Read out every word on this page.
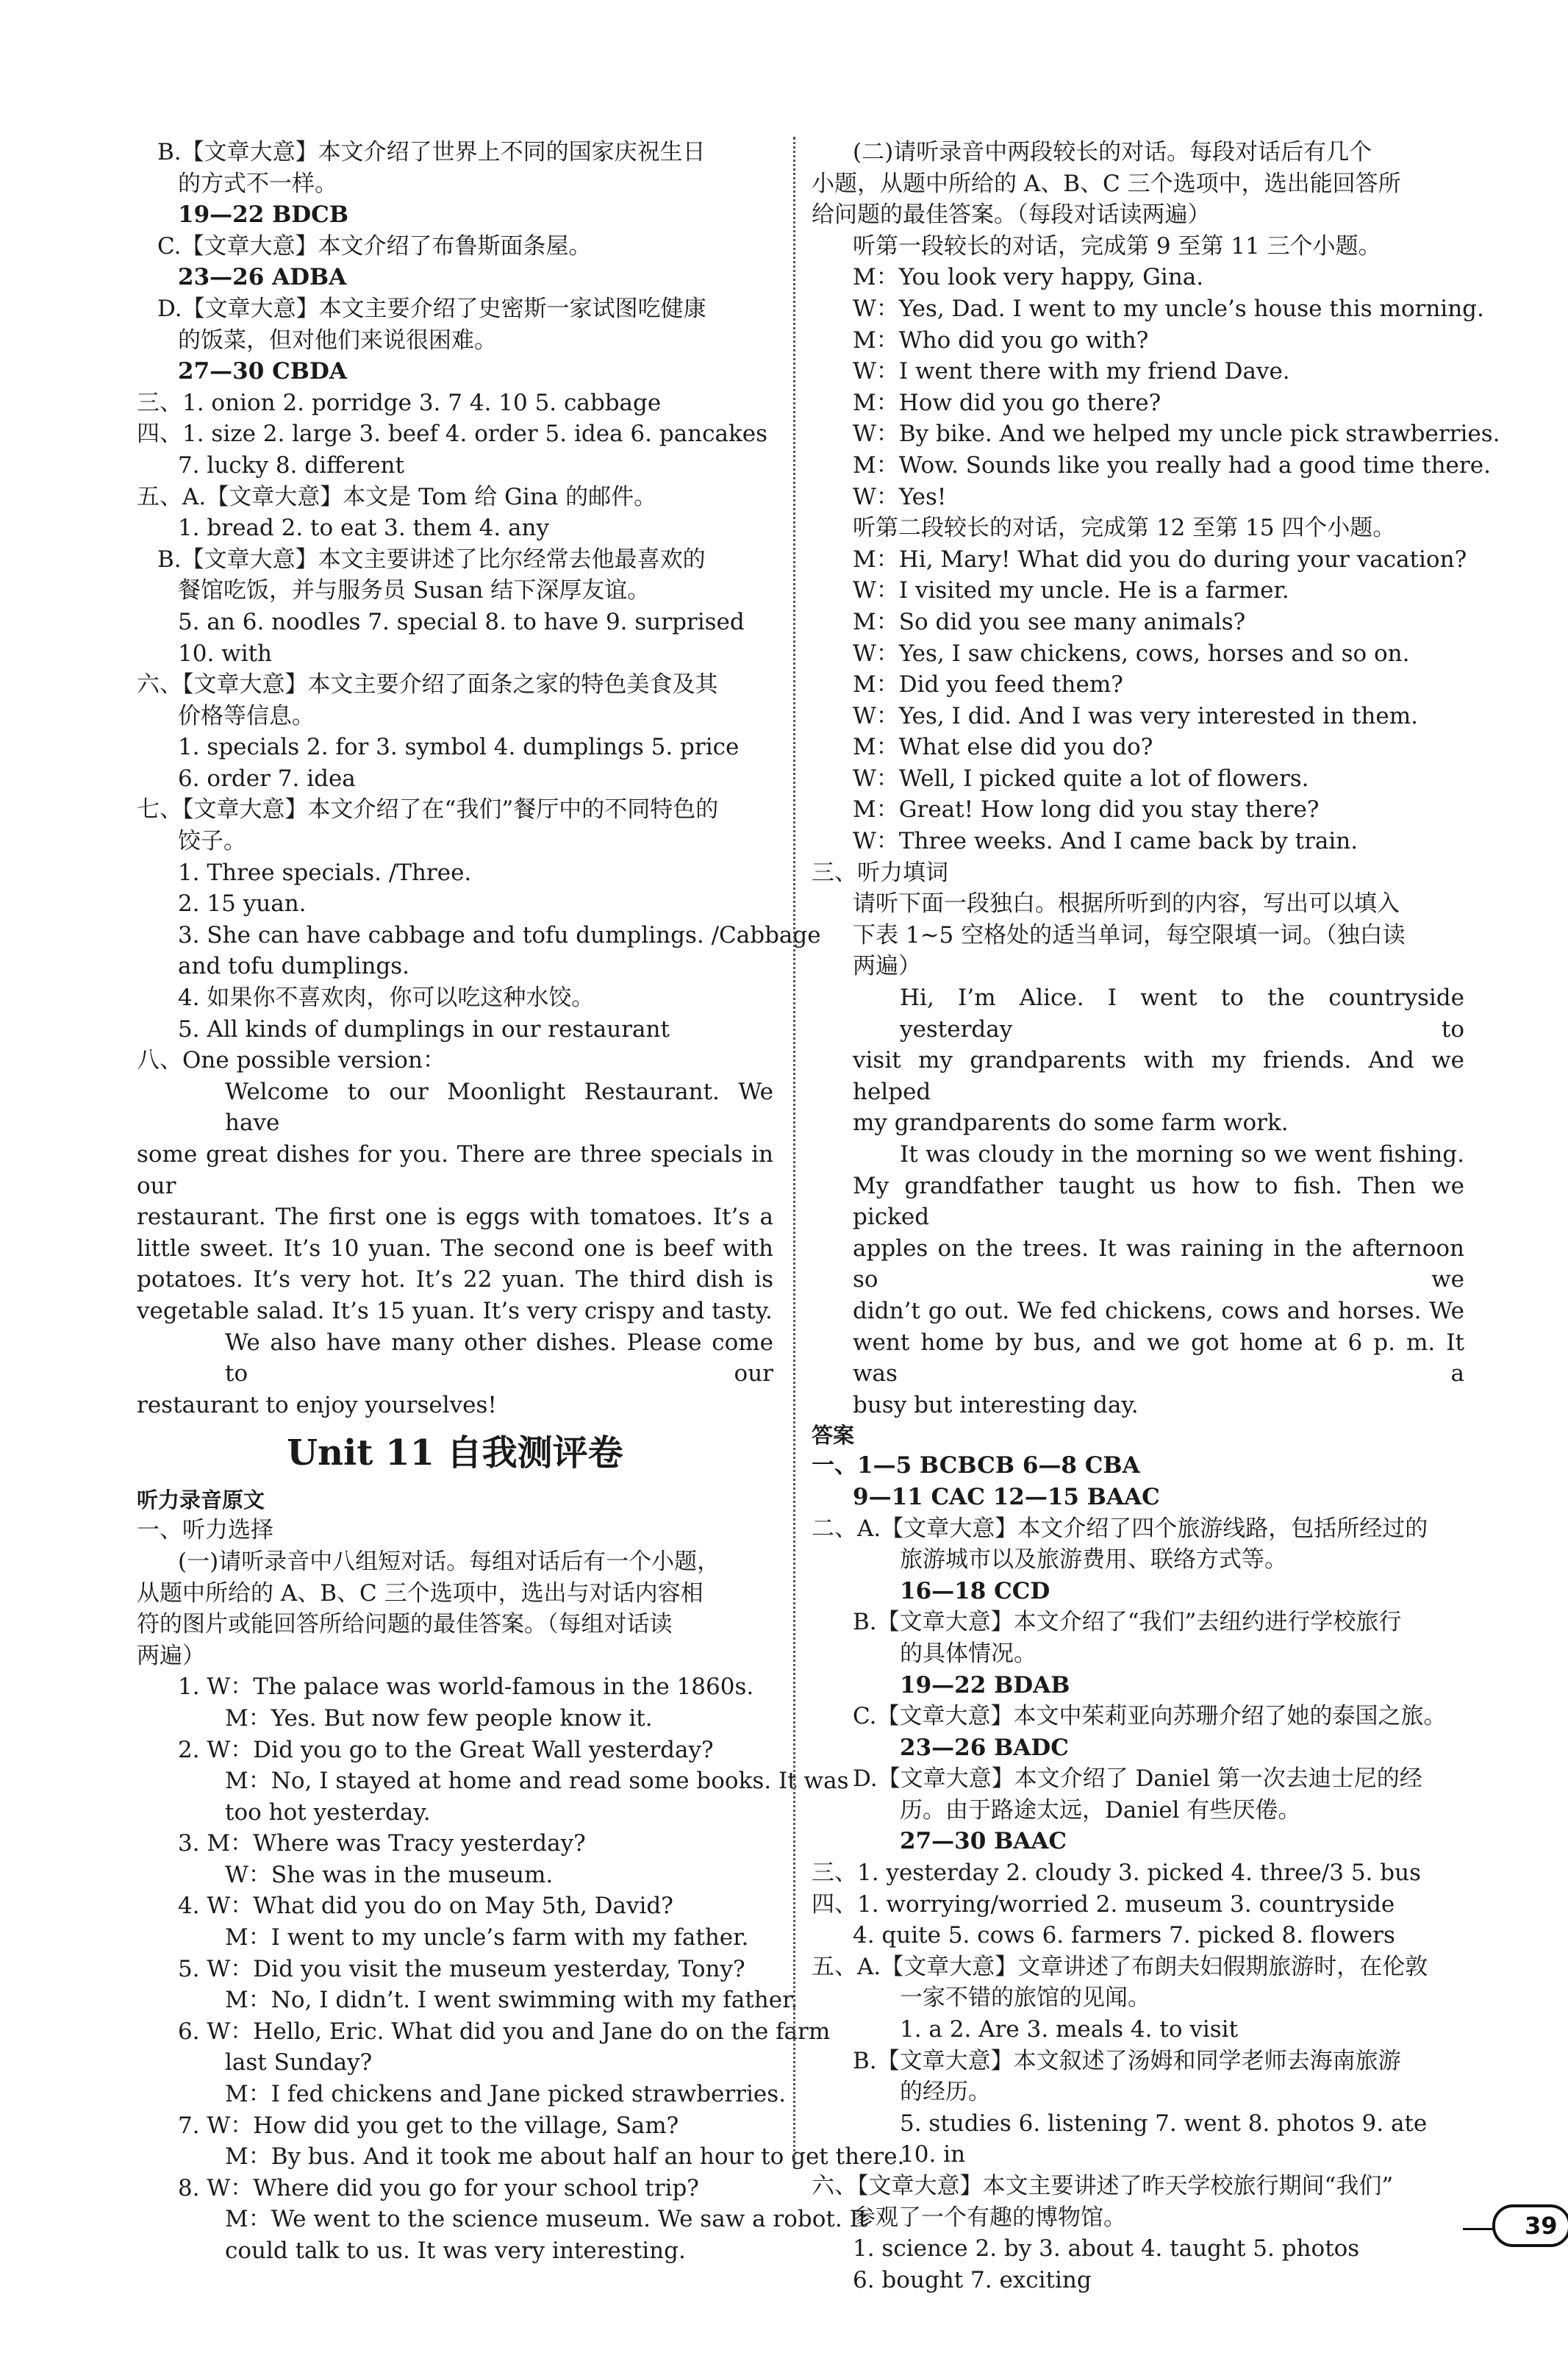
B.【文章大意】本文介绍了世界上不同的国家庆祝生日
的方式不一样。
19—22 BDCB
C.【文章大意】本文介绍了布鲁斯面条屋。
23—26 ADBA
D.【文章大意】本文主要介绍了史密斯一家试图吃健康
的饭菜，但对他们来说很困难。
27—30 CBDA
三、1. onion 2. porridge 3. 7 4. 10 5. cabbage
四、1. size 2. large 3. beef 4. order 5. idea 6. pancakes
7. lucky 8. different
五、A.【文章大意】本文是 Tom 给 Gina 的邮件。
1. bread 2. to eat 3. them 4. any
B.【文章大意】本文主要讲述了比尔经常去他最喜欢的
餐馆吃饭，并与服务员 Susan 结下深厚友谊。
5. an 6. noodles 7. special 8. to have 9. surprised
10. with
六、【文章大意】本文主要介绍了面条之家的特色美食及其
价格等信息。
1. specials 2. for 3. symbol 4. dumplings 5. price
6. order 7. idea
七、【文章大意】本文介绍了在“我们”餐厅中的不同特色的
饺子。
1. Three specials. /Three.
2. 15 yuan.
3. She can have cabbage and tofu dumplings. /Cabbage
and tofu dumplings.
4. 如果你不喜欢肉，你可以吃这种水饺。
5. All kinds of dumplings in our restaurant
八、One possible version：
Welcome to our Moonlight Restaurant. We have
some great dishes for you. There are three specials in our
restaurant. The first one is eggs with tomatoes. It’s a
little sweet. It’s 10 yuan. The second one is beef with
potatoes. It’s very hot. It’s 22 yuan. The third dish is
vegetable salad. It’s 15 yuan. It’s very crispy and tasty.
We also have many other dishes. Please come to our
restaurant to enjoy yourselves!
Unit 11 自我测评卷
听力录音原文
一、听力选择
(一)请听录音中八组短对话。每组对话后有一个小题，
从题中所给的 A、B、C 三个选项中，选出与对话内容相
符的图片或能回答所给问题的最佳答案。（每组对话读
两遍）
1. W：The palace was world-famous in the 1860s.
M：Yes. But now few people know it.
2. W：Did you go to the Great Wall yesterday?
M：No, I stayed at home and read some books. It was
too hot yesterday.
3. M：Where was Tracy yesterday?
W：She was in the museum.
4. W：What did you do on May 5th, David?
M：I went to my uncle’s farm with my father.
5. W：Did you visit the museum yesterday, Tony?
M：No, I didn’t. I went swimming with my father.
6. W：Hello, Eric. What did you and Jane do on the farm
last Sunday?
M：I fed chickens and Jane picked strawberries.
7. W：How did you get to the village, Sam?
M：By bus. And it took me about half an hour to get there.
8. W：Where did you go for your school trip?
M：We went to the science museum. We saw a robot. It
could talk to us. It was very interesting.
(二)请听录音中两段较长的对话。每段对话后有几个
小题，从题中所给的 A、B、C 三个选项中，选出能回答所
给问题的最佳答案。（每段对话读两遍）
听第一段较长的对话，完成第 9 至第 11 三个小题。
M：You look very happy, Gina.
W：Yes, Dad. I went to my uncle’s house this morning.
M：Who did you go with?
W：I went there with my friend Dave.
M：How did you go there?
W：By bike. And we helped my uncle pick strawberries.
M：Wow. Sounds like you really had a good time there.
W：Yes!
听第二段较长的对话，完成第 12 至第 15 四个小题。
M：Hi, Mary! What did you do during your vacation?
W：I visited my uncle. He is a farmer.
M：So did you see many animals?
W：Yes, I saw chickens, cows, horses and so on.
M：Did you feed them?
W：Yes, I did. And I was very interested in them.
M：What else did you do?
W：Well, I picked quite a lot of flowers.
M：Great! How long did you stay there?
W：Three weeks. And I came back by train.
三、听力填词
请听下面一段独白。根据所听到的内容，写出可以填入
下表 1~5 空格处的适当单词，每空限填一词。（独白读
两遍）
Hi, I’m Alice. I went to the countryside yesterday to
visit my grandparents with my friends. And we helped
my grandparents do some farm work.
It was cloudy in the morning so we went fishing.
My grandfather taught us how to fish. Then we picked
apples on the trees. It was raining in the afternoon so we
didn’t go out. We fed chickens, cows and horses. We
went home by bus, and we got home at 6 p. m. It was a
busy but interesting day.
答案
一、1—5 BCBCB 6—8 CBA
9—11 CAC 12—15 BAAC
二、A.【文章大意】本文介绍了四个旅游线路，包括所经过的
旅游城市以及旅游费用、联络方式等。
16—18 CCD
B.【文章大意】本文介绍了“我们”去纽约进行学校旅行
的具体情况。
19—22 BDAB
C.【文章大意】本文中茱莉亚向苏珊介绍了她的泰国之旅。
23—26 BADC
D.【文章大意】本文介绍了 Daniel 第一次去迪士尼的经
历。由于路途太远，Daniel 有些厌倦。
27—30 BAAC
三、1. yesterday 2. cloudy 3. picked 4. three/3 5. bus
四、1. worrying/worried 2. museum 3. countryside
4. quite 5. cows 6. farmers 7. picked 8. flowers
五、A.【文章大意】文章讲述了布朗夫妇假期旅游时，在伦敦
一家不错的旅馆的见闻。
1. a 2. Are 3. meals 4. to visit
B.【文章大意】本文叙述了汤姆和同学老师去海南旅游
的经历。
5. studies 6. listening 7. went 8. photos 9. ate
10. in
六、【文章大意】本文主要讲述了昨天学校旅行期间“我们”
参观了一个有趣的博物馆。
1. science 2. by 3. about 4. taught 5. photos
6. bought 7. exciting
39
